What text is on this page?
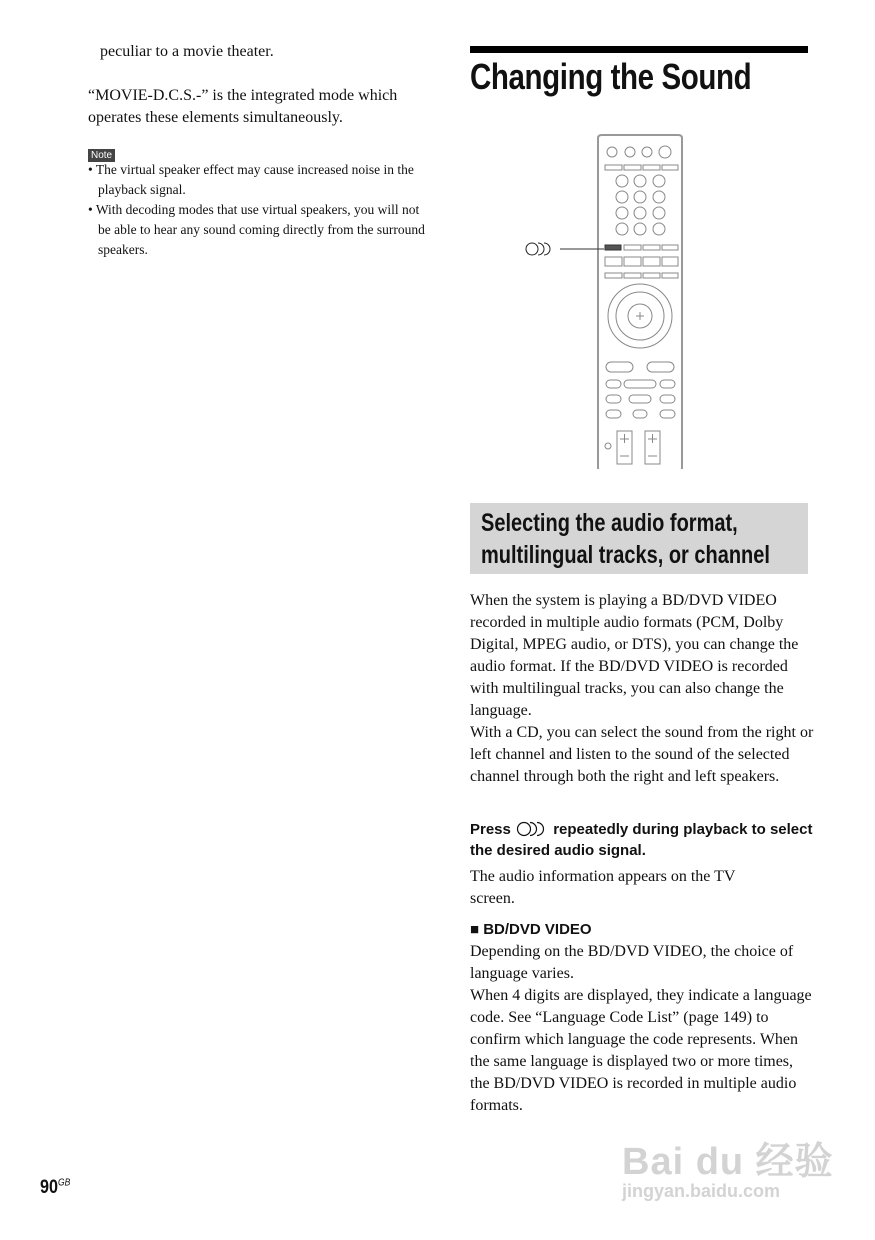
peculiar to a movie theater.
“MOVIE-D.C.S.-” is the integrated mode which operates these elements simultaneously.
Note
• The virtual speaker effect may cause increased noise in the playback signal.
• With decoding modes that use virtual speakers, you will not be able to hear any sound coming directly from the surround speakers.
Changing the Sound
Selecting the audio format,
multilingual tracks, or channel
When the system is playing a BD/DVD VIDEO recorded in multiple audio formats (PCM, Dolby Digital, MPEG audio, or DTS), you can change the audio format. If the BD/DVD VIDEO is recorded with multilingual tracks, you can also change the language.
With a CD, you can select the sound from the right or left channel and listen to the sound of the selected channel through both the right and left speakers.
Press	repeatedly during playback to select the desired audio signal.
The audio information appears on the TV screen.
■ BD/DVD VIDEO
Depending on the BD/DVD VIDEO, the choice of language varies.
When 4 digits are displayed, they indicate a language code. See “Language Code List” (page 149) to confirm which language the code represents. When the same language is displayed two or more times, the BD/DVD VIDEO is recorded in multiple audio formats.
$90^{GB}$
Bai du 经验
jingyan.baidu.com
